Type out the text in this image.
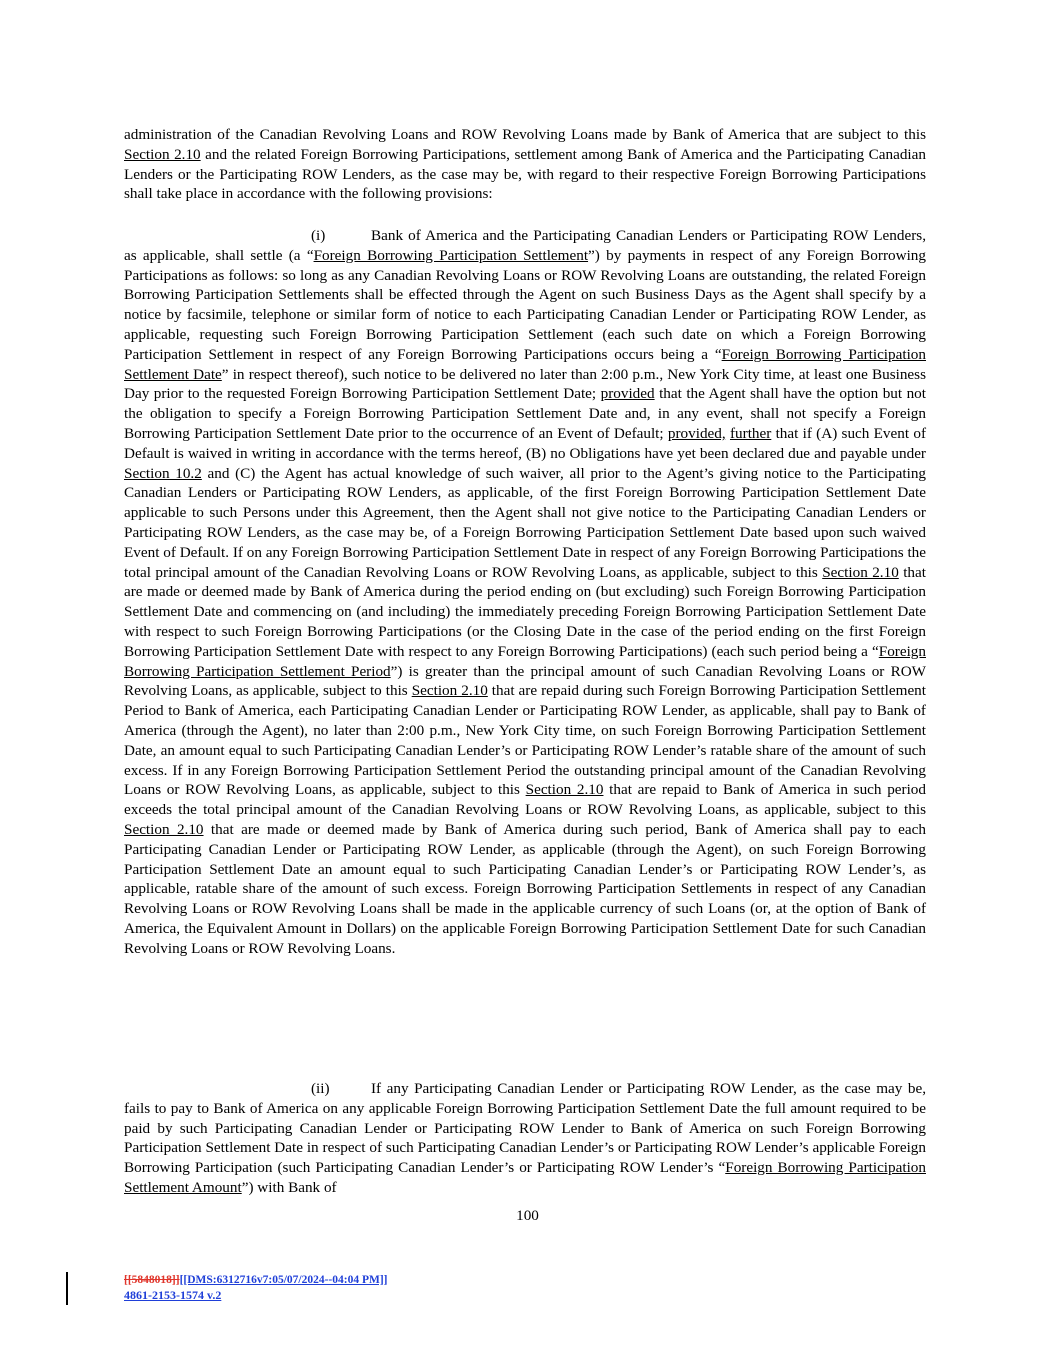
administration of the Canadian Revolving Loans and ROW Revolving Loans made by Bank of America that are subject to this Section 2.10 and the related Foreign Borrowing Participations, settlement among Bank of America and the Participating Canadian Lenders or the Participating ROW Lenders, as the case may be, with regard to their respective Foreign Borrowing Participations shall take place in accordance with the following provisions:

(i)	Bank of America and the Participating Canadian Lenders or Participating ROW Lenders, as applicable, shall settle (a “Foreign Borrowing Participation Settlement”) by payments in respect of any Foreign Borrowing Participations as follows: so long as any Canadian Revolving Loans or ROW Revolving Loans are outstanding, the related Foreign Borrowing Participation Settlements shall be effected through the Agent on such Business Days as the Agent shall specify by a notice by facsimile, telephone or similar form of notice to each Participating Canadian Lender or Participating ROW Lender, as applicable, requesting such Foreign Borrowing Participation Settlement (each such date on which a Foreign Borrowing Participation Settlement in respect of any Foreign Borrowing Participations occurs being a “Foreign Borrowing Participation Settlement Date” in respect thereof), such notice to be delivered no later than 2:00 p.m., New York City time, at least one Business Day prior to the requested Foreign Borrowing Participation Settlement Date; provided that the Agent shall have the option but not the obligation to specify a Foreign Borrowing Participation Settlement Date and, in any event, shall not specify a Foreign Borrowing Participation Settlement Date prior to the occurrence of an Event of Default; provided, further that if (A) such Event of Default is waived in writing in accordance with the terms hereof, (B) no Obligations have yet been declared due and payable under Section 10.2 and (C) the Agent has actual knowledge of such waiver, all prior to the Agent’s giving notice to the Participating Canadian Lenders or Participating ROW Lenders, as applicable, of the first Foreign Borrowing Participation Settlement Date applicable to such Persons under this Agreement, then the Agent shall not give notice to the Participating Canadian Lenders or Participating ROW Lenders, as the case may be, of a Foreign Borrowing Participation Settlement Date based upon such waived Event of Default. If on any Foreign Borrowing Participation Settlement Date in respect of any Foreign Borrowing Participations the total principal amount of the Canadian Revolving Loans or ROW Revolving Loans, as applicable, subject to this Section 2.10 that are made or deemed made by Bank of America during the period ending on (but excluding) such Foreign Borrowing Participation Settlement Date and commencing on (and including) the immediately preceding Foreign Borrowing Participation Settlement Date with respect to such Foreign Borrowing Participations (or the Closing Date in the case of the period ending on the first Foreign Borrowing Participation Settlement Date with respect to any Foreign Borrowing Participations) (each such period being a “Foreign Borrowing Participation Settlement Period”) is greater than the principal amount of such Canadian Revolving Loans or ROW Revolving Loans, as applicable, subject to this Section 2.10 that are repaid during such Foreign Borrowing Participation Settlement Period to Bank of America, each Participating Canadian Lender or Participating ROW Lender, as applicable, shall pay to Bank of America (through the Agent), no later than 2:00 p.m., New York City time, on such Foreign Borrowing Participation Settlement Date, an amount equal to such Participating Canadian Lender’s or Participating ROW Lender’s ratable share of the amount of such excess. If in any Foreign Borrowing Participation Settlement Period the outstanding principal amount of the Canadian Revolving Loans or ROW Revolving Loans, as applicable, subject to this Section 2.10 that are repaid to Bank of America in such period exceeds the total principal amount of the Canadian Revolving Loans or ROW Revolving Loans, as applicable, subject to this Section 2.10 that are made or deemed made by Bank of America during such period, Bank of America shall pay to each Participating Canadian Lender or Participating ROW Lender, as applicable (through the Agent), on such Foreign Borrowing Participation Settlement Date an amount equal to such Participating Canadian Lender’s or Participating ROW Lender’s, as applicable, ratable share of the amount of such excess. Foreign Borrowing Participation Settlements in respect of any Canadian Revolving Loans or ROW Revolving Loans shall be made in the applicable currency of such Loans (or, at the option of Bank of America, the Equivalent Amount in Dollars) on the applicable Foreign Borrowing Participation Settlement Date for such Canadian Revolving Loans or ROW Revolving Loans.

(ii)	If any Participating Canadian Lender or Participating ROW Lender, as the case may be, fails to pay to Bank of America on any applicable Foreign Borrowing Participation Settlement Date the full amount required to be paid by such Participating Canadian Lender or Participating ROW Lender to Bank of America on such Foreign Borrowing Participation Settlement Date in respect of such Participating Canadian Lender’s or Participating ROW Lender’s applicable Foreign Borrowing Participation (such Participating Canadian Lender’s or Participating ROW Lender’s “Foreign Borrowing Participation Settlement Amount”) with Bank of

100
[[5848018]][[DMS:6312716v7:05/07/2024--04:04 PM]]
4861-2153-1574 v.2
